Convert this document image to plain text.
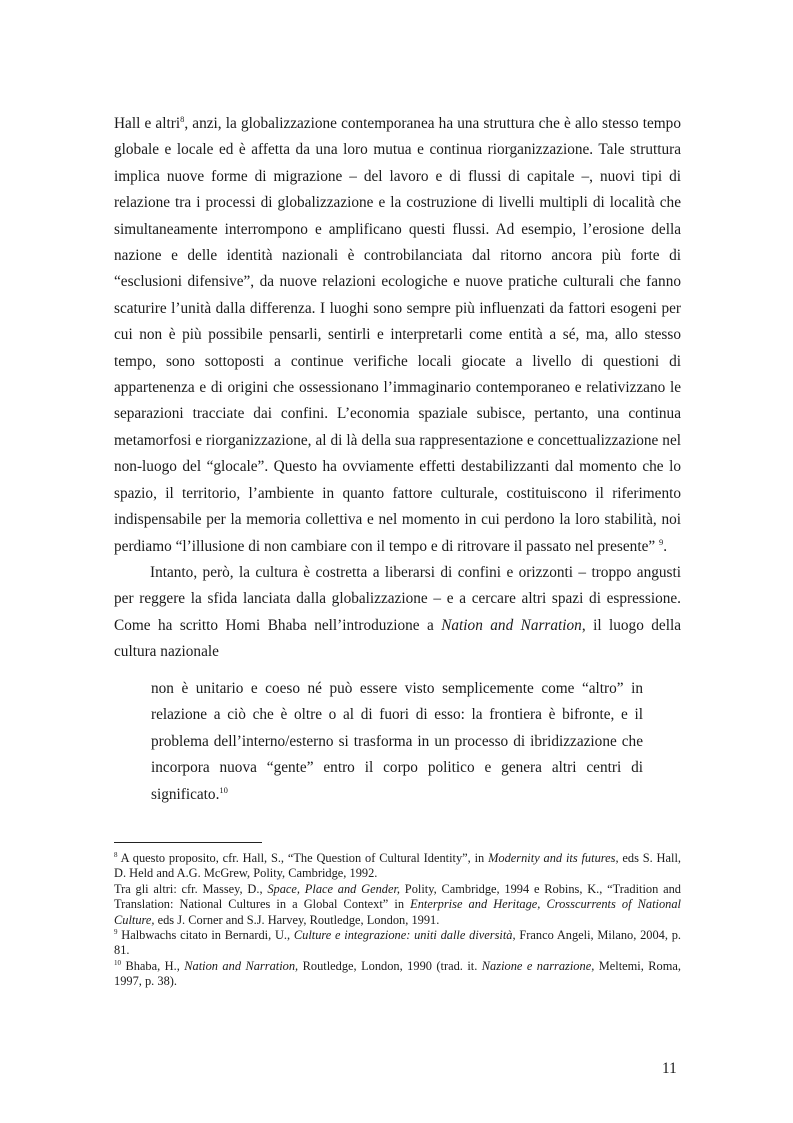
Hall e altri$^8$, anzi, la globalizzazione contemporanea ha una struttura che è allo stesso tempo globale e locale ed è affetta da una loro mutua e continua riorganizzazione. Tale struttura implica nuove forme di migrazione – del lavoro e di flussi di capitale –, nuovi tipi di relazione tra i processi di globalizzazione e la costruzione di livelli multipli di località che simultaneamente interrompono e amplificano questi flussi. Ad esempio, l’erosione della nazione e delle identità nazionali è controbilanciata dal ritorno ancora più forte di “esclusioni difensive”, da nuove relazioni ecologiche e nuove pratiche culturali che fanno scaturire l’unità dalla differenza. I luoghi sono sempre più influenzati da fattori esogeni per cui non è più possibile pensarli, sentirli e interpretarli come entità a sé, ma, allo stesso tempo, sono sottoposti a continue verifiche locali giocate a livello di questioni di appartenenza e di origini che ossessionano l’immaginario contemporaneo e relativizzano le separazioni tracciate dai confini. L’economia spaziale subisce, pertanto, una continua metamorfosi e riorganizzazione, al di là della sua rappresentazione e concettualizzazione nel non-luogo del “glocale”. Questo ha ovviamente effetti destabilizzanti dal momento che lo spazio, il territorio, l’ambiente in quanto fattore culturale, costituiscono il riferimento indispensabile per la memoria collettiva e nel momento in cui perdono la loro stabilità, noi perdiamo “l’illusione di non cambiare con il tempo e di ritrovare il passato nel presente” $^9$.

Intanto, però, la cultura è costretta a liberarsi di confini e orizzonti – troppo angusti per reggere la sfida lanciata dalla globalizzazione – e a cercare altri spazi di espressione. Come ha scritto Homi Bhaba nell’introduzione a Nation and Narration, il luogo della cultura nazionale

non è unitario e coeso né può essere visto semplicemente come “altro” in relazione a ciò che è oltre o al di fuori di esso: la frontiera è bifronte, e il problema dell’interno/esterno si trasforma in un processo di ibridizzazione che incorpora nuova “gente” entro il corpo politico e genera altri centri di significato.$^{10}$

$^8$ A questo proposito, cfr. Hall, S., “The Question of Cultural Identity”, in Modernity and its futures, eds S. Hall, D. Held and A.G. McGrew, Polity, Cambridge, 1992.

Tra gli altri: cfr. Massey, D., Space, Place and Gender, Polity, Cambridge, 1994 e Robins, K., “Tradition and Translation: National Cultures in a Global Context” in Enterprise and Heritage, Crosscurrents of National Culture, eds J. Corner and S.J. Harvey, Routledge, London, 1991.

$^9$ Halbwachs citato in Bernardi, U., Culture e integrazione: uniti dalle diversità, Franco Angeli, Milano, 2004, p. 81.

$^{10}$ Bhaba, H., Nation and Narration, Routledge, London, 1990 (trad. it. Nazione e narrazione, Meltemi, Roma, 1997, p. 38).

11
